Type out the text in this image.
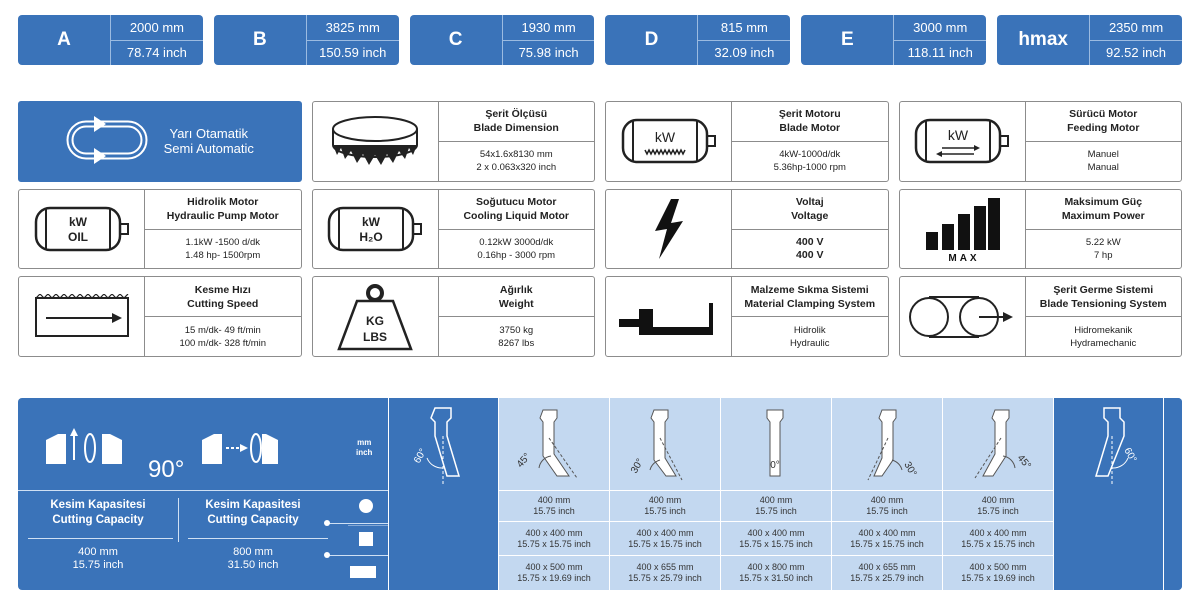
A
2000 mm
78.74 inch
B
3825 mm
150.59 inch
C
1930 mm
75.98 inch
D
815 mm
32.09 inch
E
3000 mm
118.11 inch
hmax
2350 mm
92.52 inch
Yarı Otamatik
Semi Automatic
Şerit Ölçüsü
Blade Dimension
54x1.6x8130 mm
2 x 0.063x320 inch
kW
Şerit Motoru
Blade Motor
4kW-1000d/dk
5.36hp-1000 rpm
kW
Sürücü Motor
Feeding Motor
Manuel
Manual
kW
OIL
Hidrolik Motor
Hydraulic Pump Motor
1.1kW -1500 d/dk
1.48 hp- 1500rpm
kW
H₂O
Soğutucu Motor
Cooling Liquid Motor
0.12kW 3000d/dk
0.16hp - 3000 rpm
Voltaj
Voltage
400 V
400 V	MAX
Maksimum Güç
Maximum Power
5.22 kW
7 hp
Kesme Hızı
Cutting Speed
15 m/dk- 49 ft/min
100 m/dk- 328 ft/min
KG
LBS
Ağırlık
Weight
3750 kg
8267 lbs
Malzeme Sıkma Sistemi
Material Clamping System
Hidrolik
Hydraulic
Şerit Germe Sistemi
Blade Tensioning System
Hidromekanik
Hydramechanic
90°
mm
inch
Kesim Kapasitesi
Cutting Capacity
Kesim Kapasitesi
Cutting Capacity
400 mm
15.75 inch
800 mm
31.50 inch
60°	45°
400 mm
15.75 inch
400 x 400 mm
15.75 x 15.75 inch
400 x 500 mm
15.75 x 19.69 inch
30°
400 mm
15.75 inch
400 x 400 mm
15.75 x 15.75 inch
400 x 655 mm
15.75 x 25.79 inch
0°
400 mm
15.75 inch
400 x 400 mm
15.75 x 15.75 inch
400 x 800 mm
15.75 x 31.50 inch
30°
400 mm
15.75 inch
400 x 400 mm
15.75 x 15.75 inch
400 x 655 mm
15.75 x 25.79 inch
45°
400 mm
15.75 inch
400 x 400 mm
15.75 x 15.75 inch
400 x 500 mm
15.75 x 19.69 inch
60°
